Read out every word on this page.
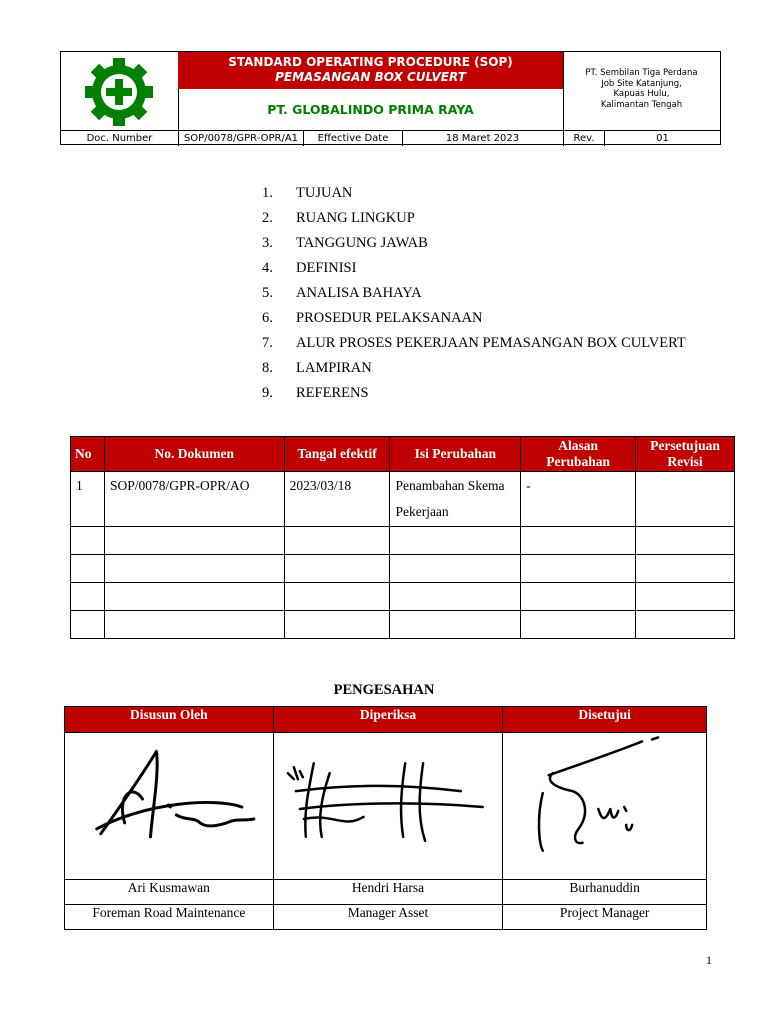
STANDARD OPERATING PROCEDURE (SOP)
PEMASANGAN BOX CULVERT
PT. GLOBALINDO PRIMA RAYA
PT. Sembilan Tiga Perdana
Job Site Katanjung,
Kapuas Hulu,
Kalimantan Tengah
Doc. Number	SOP/0078/GPR-OPR/A1	Effective Date	18 Maret 2023	Rev.	01
1.	TUJUAN
2.	RUANG LINGKUP
3.	TANGGUNG JAWAB
4.	DEFINISI
5.	ANALISA BAHAYA
6.	PROSEDUR PELAKSANAAN
7.	ALUR PROSES PEKERJAAN PEMASANGAN BOX CULVERT
8.	LAMPIRAN
9.	REFERENS
No	No. Dokumen	Tangal efektif	Isi Perubahan	Alasan Perubahan	Persetujuan Revisi
1	SOP/0078/GPR-OPR/AO	2023/03/18	Penambahan Skema Pekerjaan	-	

PENGESAHAN
Disusun Oleh	Diperiksa	Disetujui

Ari Kusmawan	Hendri Harsa	Burhanuddin
Foreman Road Maintenance	Manager Asset	Project Manager
1
